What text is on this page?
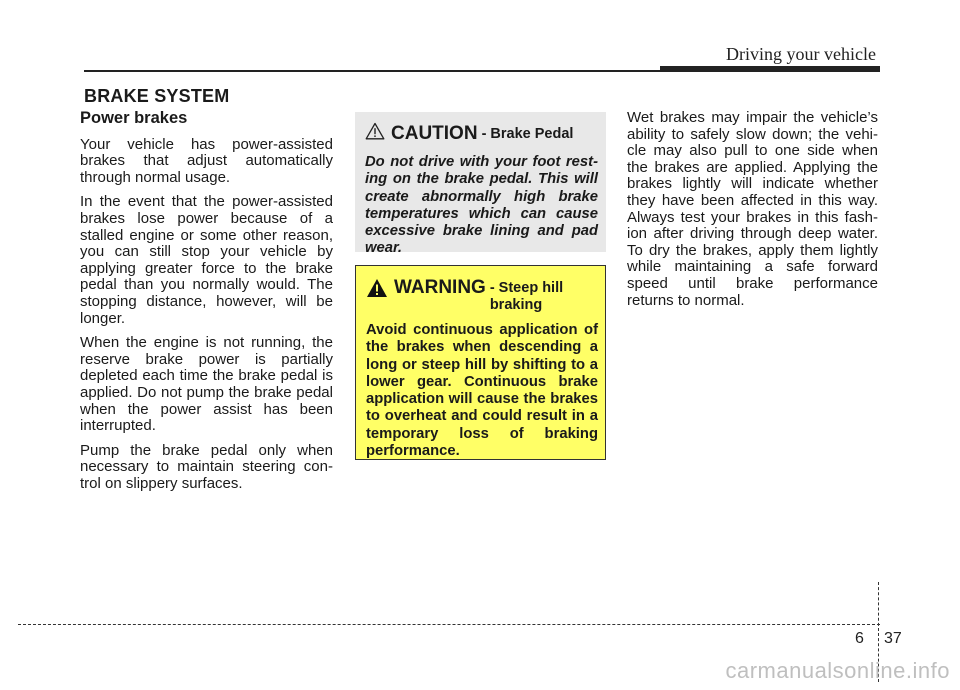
Driving your vehicle
BRAKE SYSTEM
Power brakes

Your vehicle has power-assisted brakes that adjust automatically through normal usage.

In the event that the power-assisted brakes lose power because of a stalled engine or some other reason, you can still stop your vehicle by applying greater force to the brake pedal than you normally would. The stopping distance, however, will be longer.

When the engine is not running, the reserve brake power is partially depleted each time the brake pedal is applied. Do not pump the brake pedal when the power assist has been interrupted.

Pump the brake pedal only when necessary to maintain steering con-trol on slippery surfaces.

CAUTION - Brake Pedal

Do not drive with your foot rest-ing on the brake pedal. This will create abnormally high brake temperatures which can cause excessive brake lining and pad wear.

WARNING - Steep hill braking

Avoid continuous application of the brakes when descending a long or steep hill by shifting to a lower gear. Continuous brake application will cause the brakes to overheat and could result in a temporary loss of braking performance.

Wet brakes may impair the vehicle’s ability to safely slow down; the vehi-cle may also pull to one side when the brakes are applied. Applying the brakes lightly will indicate whether they have been affected in this way. Always test your brakes in this fash-ion after driving through deep water. To dry the brakes, apply them lightly while maintaining a safe forward speed until brake performance returns to normal.

6 37
carmanualsonline.info
